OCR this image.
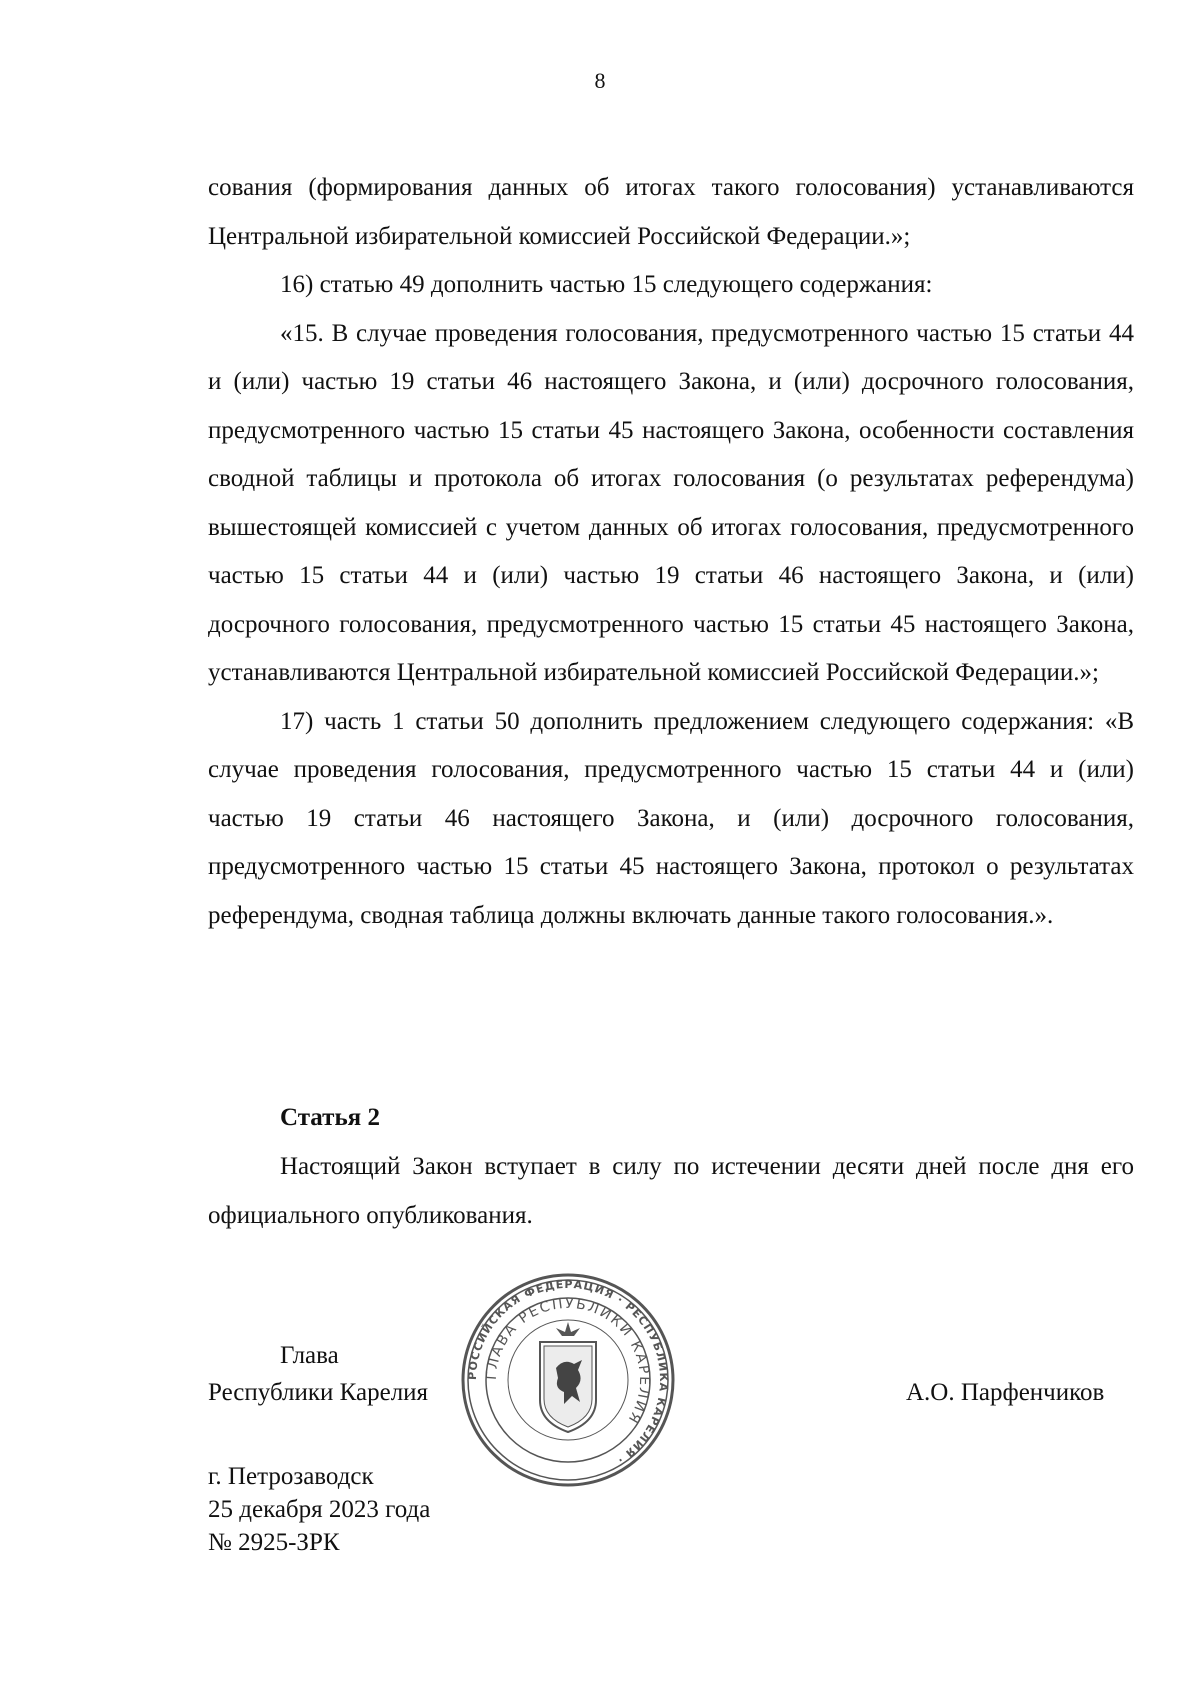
8

сования (формирования данных об итогах такого голосования) устанавливаются Центральной избирательной комиссией Российской Федерации.»;

16) статью 49 дополнить частью 15 следующего содержания:

«15. В случае проведения голосования, предусмотренного частью 15 статьи 44 и (или) частью 19 статьи 46 настоящего Закона, и (или) досрочного голосования, предусмотренного частью 15 статьи 45 настоящего Закона, особенности составления сводной таблицы и протокола об итогах голосования (о результатах референдума) вышестоящей комиссией с учетом данных об итогах голосования, предусмотренного частью 15 статьи 44 и (или) частью 19 статьи 46 настоящего Закона, и (или) досрочного голосования, предусмотренного частью 15 статьи 45 настоящего Закона, устанавливаются Центральной избирательной комиссией Российской Федерации.»;

17) часть 1 статьи 50 дополнить предложением следующего содержания: «В случае проведения голосования, предусмотренного частью 15 статьи 44 и (или) частью 19 статьи 46 настоящего Закона, и (или) досрочного голосования, предусмотренного частью 15 статьи 45 настоящего Закона, протокол о результатах референдума, сводная таблица должны включать данные такого голосования.».

Статья 2

Настоящий Закон вступает в силу по истечении десяти дней после дня его официального опубликования.

Глава
Республики Карелия	А.О. Парфенчиков
РОССИЙСКАЯ ФЕДЕРАЦИЯ · РЕСПУБЛИКА КАРЕЛИЯ ·
ГЛАВА РЕСПУБЛИКИ КАРЕЛИЯ
г. Петрозаводск
25 декабря 2023 года
№ 2925-ЗРК
